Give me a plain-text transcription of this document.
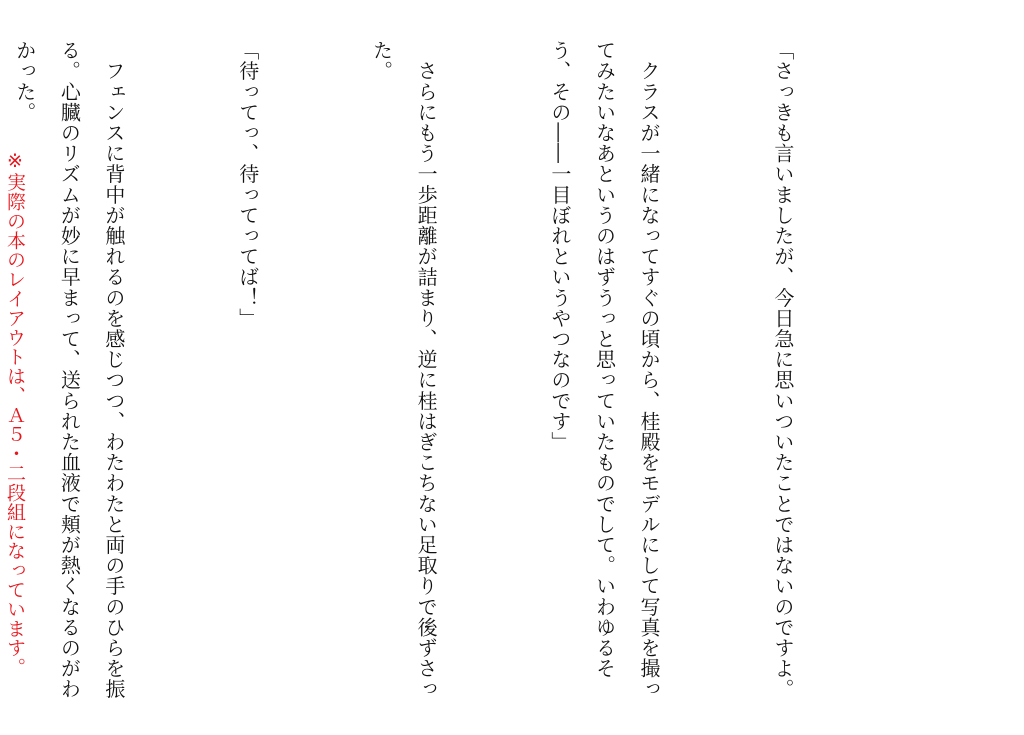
「さっきも言いましたが、今日急に思いついたことではないのですよ。

　クラスが一緒になってすぐの頃から、桂殿をモデルにして写真を撮ってみたいなあというのはずうっと思っていたものでして。いわゆるそう、その――一目ぼれというやつなのです」

　さらにもう一歩距離が詰まり、逆に桂はぎこちない足取りで後ずさった。

「待ってっ、待ってってば！」

　フェンスに背中が触れるのを感じつつ、わたわたと両の手のひらを振る。心臓のリズムが妙に早まって、送られた血液で頬が熱くなるのがわかった。

※実際の本のレイアウトは、Ａ５・二段組になっています。
